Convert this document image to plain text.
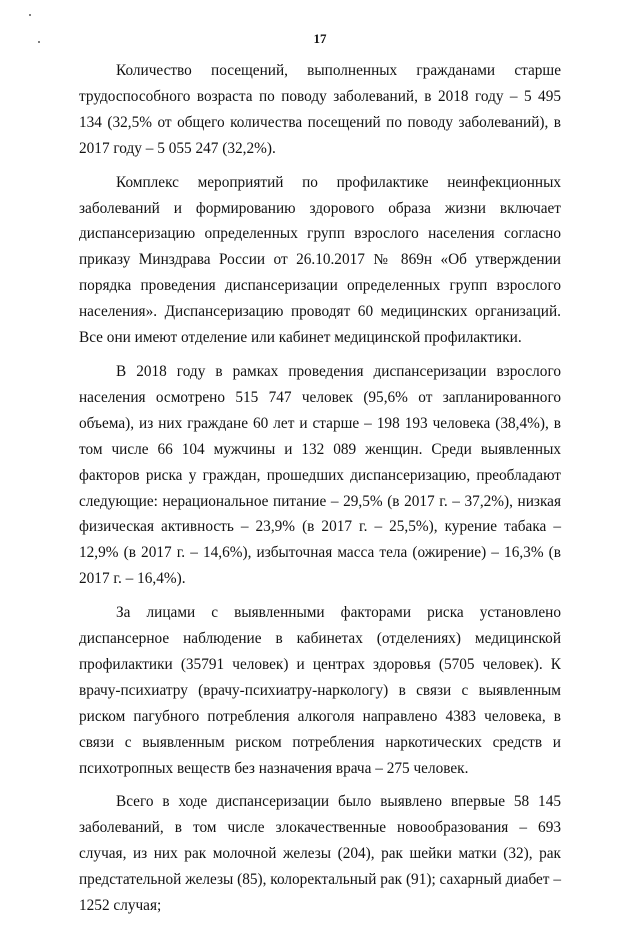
17

Количество посещений, выполненных гражданами старше трудоспособного возраста по поводу заболеваний, в 2018 году – 5 495 134 (32,5% от общего количества посещений по поводу заболеваний), в 2017 году – 5 055 247 (32,2%).

Комплекс мероприятий по профилактике неинфекционных заболеваний и формированию здорового образа жизни включает диспансеризацию определенных групп взрослого населения согласно приказу Минздрава России от 26.10.2017 № 869н «Об утверждении порядка проведения диспансеризации определенных групп взрослого населения». Диспансеризацию проводят 60 медицинских организаций. Все они имеют отделение или кабинет медицинской профилактики.

В 2018 году в рамках проведения диспансеризации взрослого населения осмотрено 515 747 человек (95,6% от запланированного объема), из них граждане 60 лет и старше – 198 193 человека (38,4%), в том числе 66 104 мужчины и 132 089 женщин. Среди выявленных факторов риска у граждан, прошедших диспансеризацию, преобладают следующие: нерациональное питание – 29,5% (в 2017 г. – 37,2%), низкая физическая активность – 23,9% (в 2017 г. – 25,5%), курение табака – 12,9% (в 2017 г. – 14,6%), избыточная масса тела (ожирение) – 16,3% (в 2017 г. – 16,4%).

За лицами с выявленными факторами риска установлено диспансерное наблюдение в кабинетах (отделениях) медицинской профилактики (35791 человек) и центрах здоровья (5705 человек). К врачу-психиатру (врачу-психиатру-наркологу) в связи с выявленным риском пагубного потребления алкоголя направлено 4383 человека, в связи с выявленным риском потребления наркотических средств и психотропных веществ без назначения врача – 275 человек.

Всего в ходе диспансеризации было выявлено впервые 58 145 заболеваний, в том числе злокачественные новообразования – 693 случая, из них рак молочной железы (204), рак шейки матки (32), рак предстательной железы (85), колоректальный рак (91); сахарный диабет – 1252 случая;
